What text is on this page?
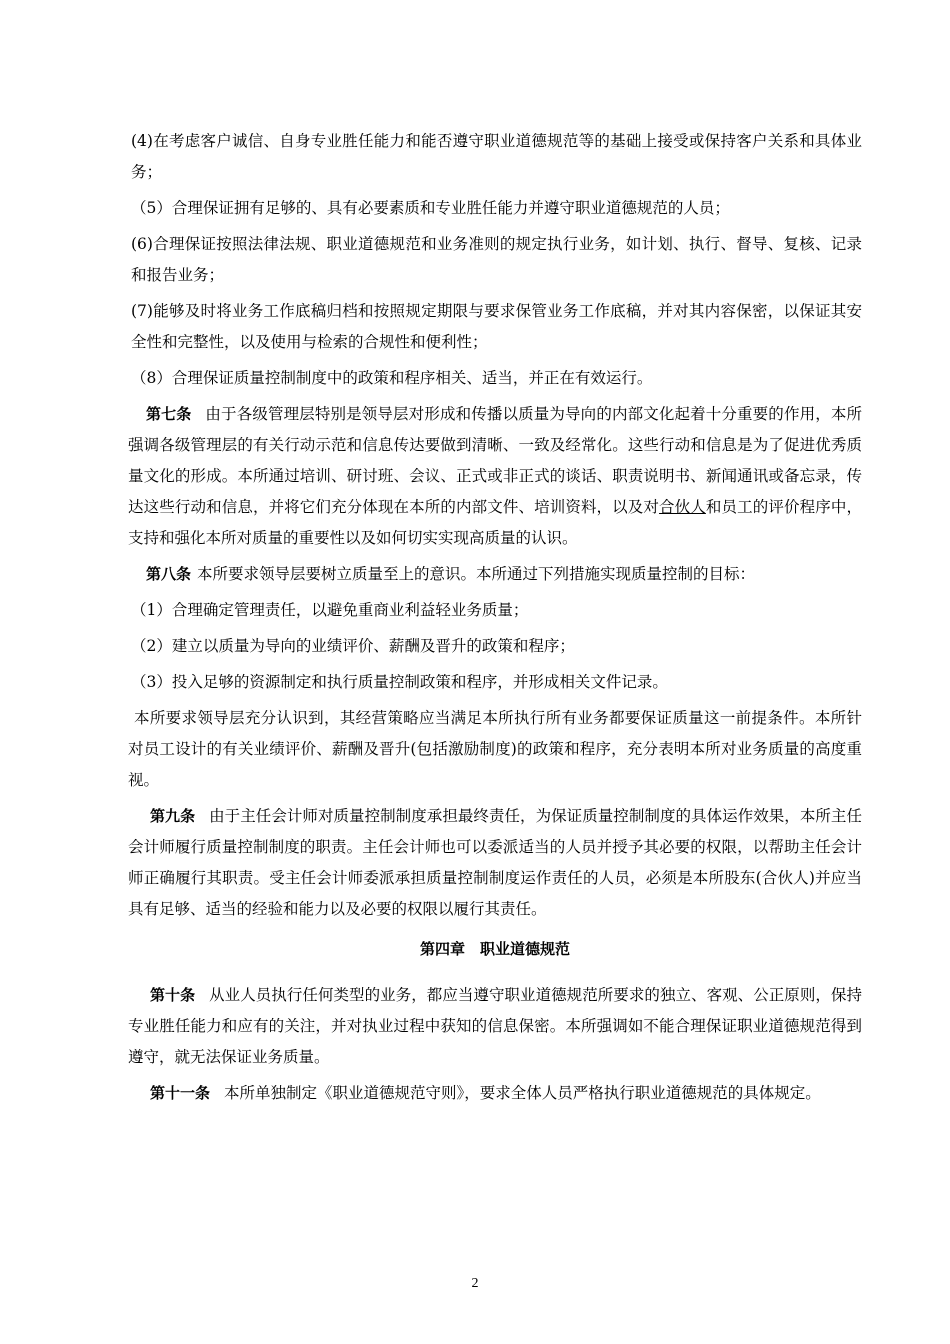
(4)在考虑客户诚信、自身专业胜任能力和能否遵守职业道德规范等的基础上接受或保持客户关系和具体业务；

（5）合理保证拥有足够的、具有必要素质和专业胜任能力并遵守职业道德规范的人员；

(6)合理保证按照法律法规、职业道德规范和业务准则的规定执行业务，如计划、执行、督导、复核、记录和报告业务；

(7)能够及时将业务工作底稿归档和按照规定期限与要求保管业务工作底稿，并对其内容保密，以保证其安全性和完整性，以及使用与检索的合规性和便利性；

（8）合理保证质量控制制度中的政策和程序相关、适当，并正在有效运行。

第七条 由于各级管理层特别是领导层对形成和传播以质量为导向的内部文化起着十分重要的作用，本所强调各级管理层的有关行动示范和信息传达要做到清晰、一致及经常化。这些行动和信息是为了促进优秀质量文化的形成。本所通过培训、研讨班、会议、正式或非正式的谈话、职责说明书、新闻通讯或备忘录，传达这些行动和信息，并将它们充分体现在本所的内部文件、培训资料，以及对合伙人和员工的评价程序中，支持和强化本所对质量的重要性以及如何切实实现高质量的认识。

第八条 本所要求领导层要树立质量至上的意识。本所通过下列措施实现质量控制的目标：

（1）合理确定管理责任，以避免重商业利益轻业务质量；

（2）建立以质量为导向的业绩评价、薪酬及晋升的政策和程序；

（3）投入足够的资源制定和执行质量控制政策和程序，并形成相关文件记录。

本所要求领导层充分认识到，其经营策略应当满足本所执行所有业务都要保证质量这一前提条件。本所针对员工设计的有关业绩评价、薪酬及晋升(包括激励制度)的政策和程序，充分表明本所对业务质量的高度重视。

第九条 由于主任会计师对质量控制制度承担最终责任，为保证质量控制制度的具体运作效果，本所主任会计师履行质量控制制度的职责。主任会计师也可以委派适当的人员并授予其必要的权限，以帮助主任会计师正确履行其职责。受主任会计师委派承担质量控制制度运作责任的人员，必须是本所股东(合伙人)并应当具有足够、适当的经验和能力以及必要的权限以履行其责任。

第四章　职业道德规范

第十条 从业人员执行任何类型的业务，都应当遵守职业道德规范所要求的独立、客观、公正原则，保持专业胜任能力和应有的关注，并对执业过程中获知的信息保密。本所强调如不能合理保证职业道德规范得到遵守，就无法保证业务质量。

第十一条 本所单独制定《职业道德规范守则》，要求全体人员严格执行职业道德规范的具体规定。

2
